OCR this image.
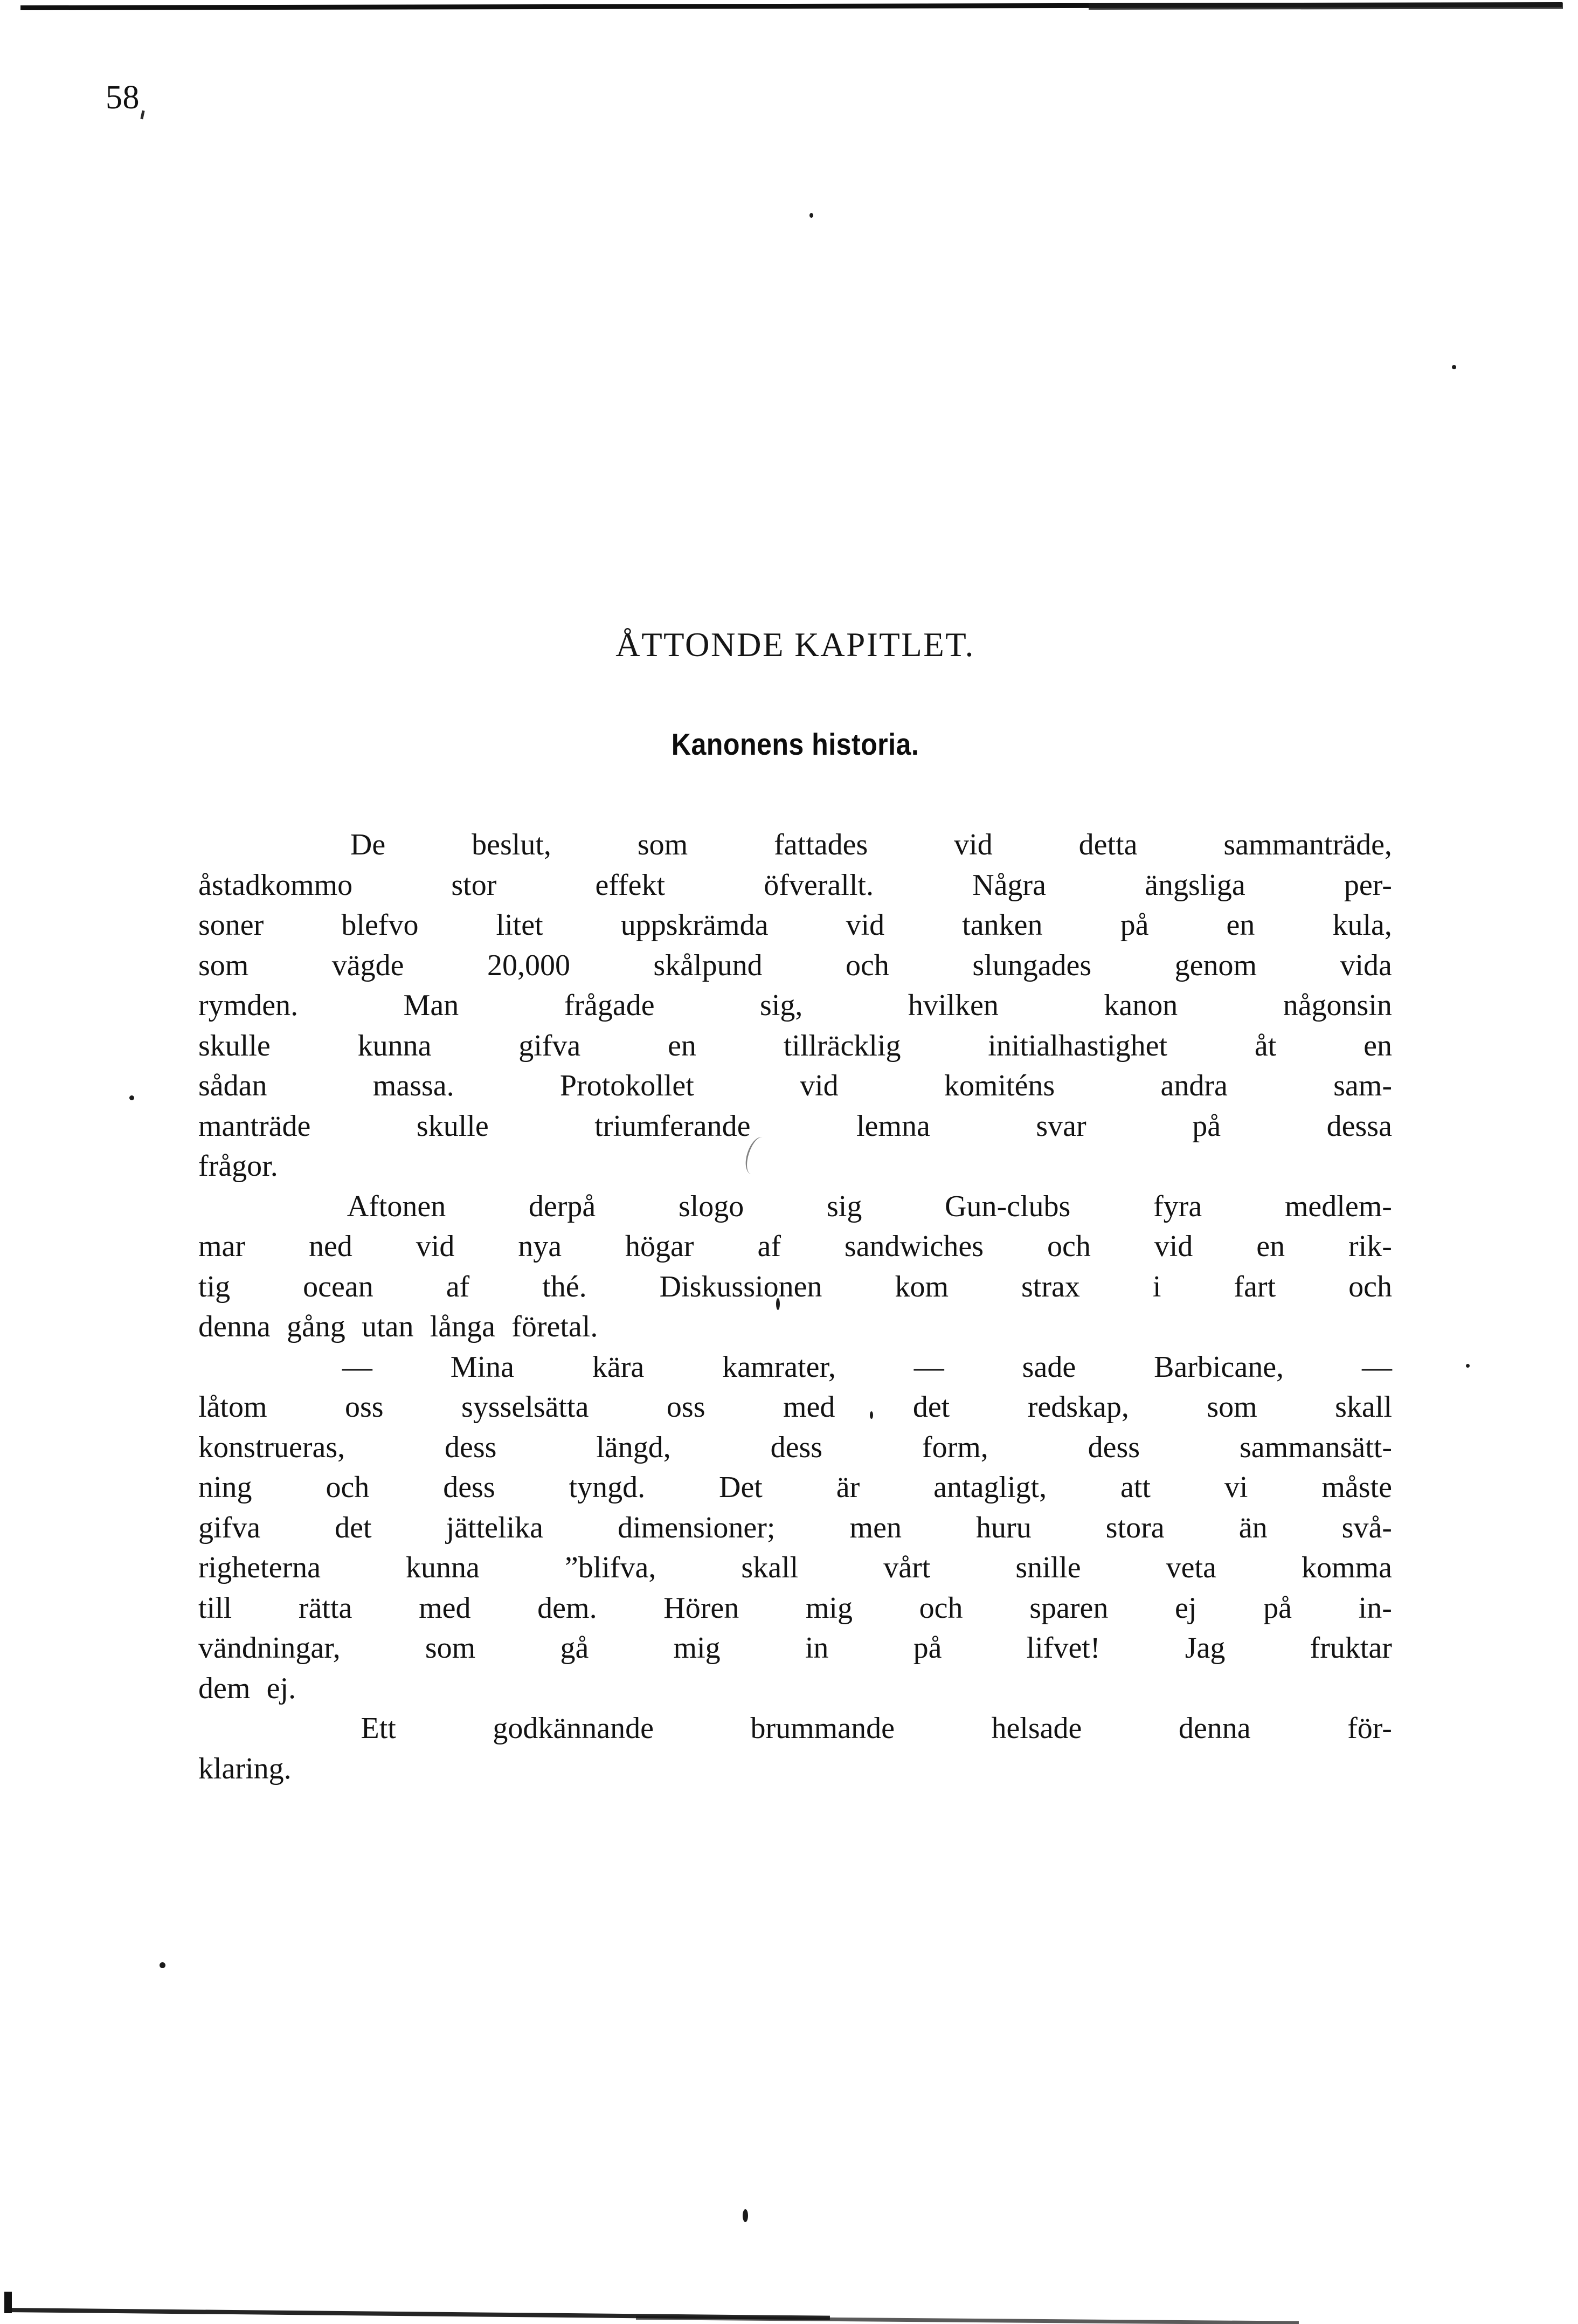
58
ÅTTONDE KAPITLET.
Kanonens historia.

De	beslut,	som	fattades	vid	detta	sammanträde,
åstadkommo	stor	effekt	öfverallt.	Några	ängsliga	per-
soner	blefvo	litet	uppskrämda	vid	tanken	på	en	kula,
som	vägde	20,000	skålpund	och	slungades	genom	vida
rymden.	Man	frågade	sig,	hvilken	kanon	någonsin
skulle	kunna	gifva	en	tillräcklig	initialhastighet	åt	en
sådan	massa.	Protokollet	vid	komiténs	andra	sam-
manträde	skulle	triumferande	lemna	svar	på	dessa
frågor.

Aftonen	derpå	slogo	sig	Gun-clubs	fyra	medlem-
mar ned vid nya högar af sandwiches och vid en rik-
tig ocean af thé. Diskussionen kom strax i fart och
denna  gång  utan  långa  företal.

—	Mina	kära	kamrater,	—	sade	Barbicane,	—
låtom	oss	sysselsätta	oss	med	det	redskap,	som	skall
konstrueras,	dess	längd,	dess	form,	dess	sammansätt-
ning och dess tyngd. Det är antagligt, att vi måste
gifva det jättelika dimensioner; men huru stora än svå-
righeterna	kunna	ˮblifva,	skall	vårt	snille	veta	komma
till rätta med dem. Hören mig och sparen ej på in-
vändningar,	som	gå	mig	in	på	lifvet!	Jag	fruktar
dem  ej.

Ett	godkännande	brummande	helsade	denna	för-
klaring.
